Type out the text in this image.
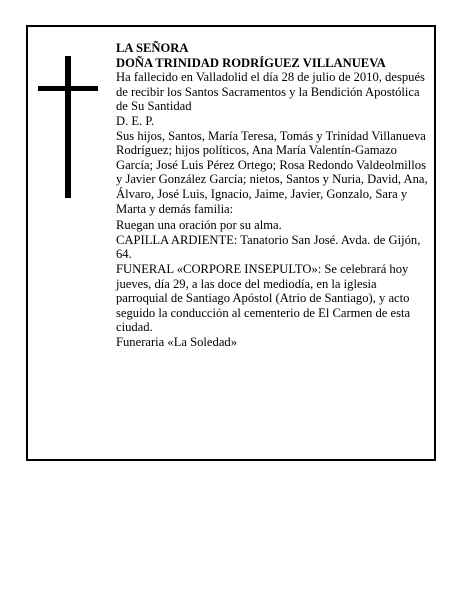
LA SEÑORA
DOÑA TRINIDAD RODRÍGUEZ VILLANUEVA
Ha fallecido en Valladolid el día 28 de julio de 2010, después de recibir los Santos Sacramentos y la Bendición Apostólica de Su Santidad
D. E. P.
Sus hijos, Santos, María Teresa, Tomás y Trinidad Villanueva Rodríguez; hijos políticos, Ana María Valentín-Gamazo García; José Luis Pérez Ortego; Rosa Redondo Valdeolmillos y Javier González García; nietos, Santos y Nuria, David, Ana, Álvaro, José Luis, Ignacio, Jaime, Javier, Gonzalo, Sara y Marta y demás familia:
Ruegan una oración por su alma.
CAPILLA ARDIENTE: Tanatorio San José. Avda. de Gijón, 64.
FUNERAL «CORPORE INSEPULTO»: Se celebrará hoy jueves, día 29, a las doce del mediodía, en la iglesia parroquial de Santiago Apóstol (Atrio de Santiago), y acto seguido la conducción al cementerio de El Carmen de esta ciudad.
Funeraria «La Soledad»
